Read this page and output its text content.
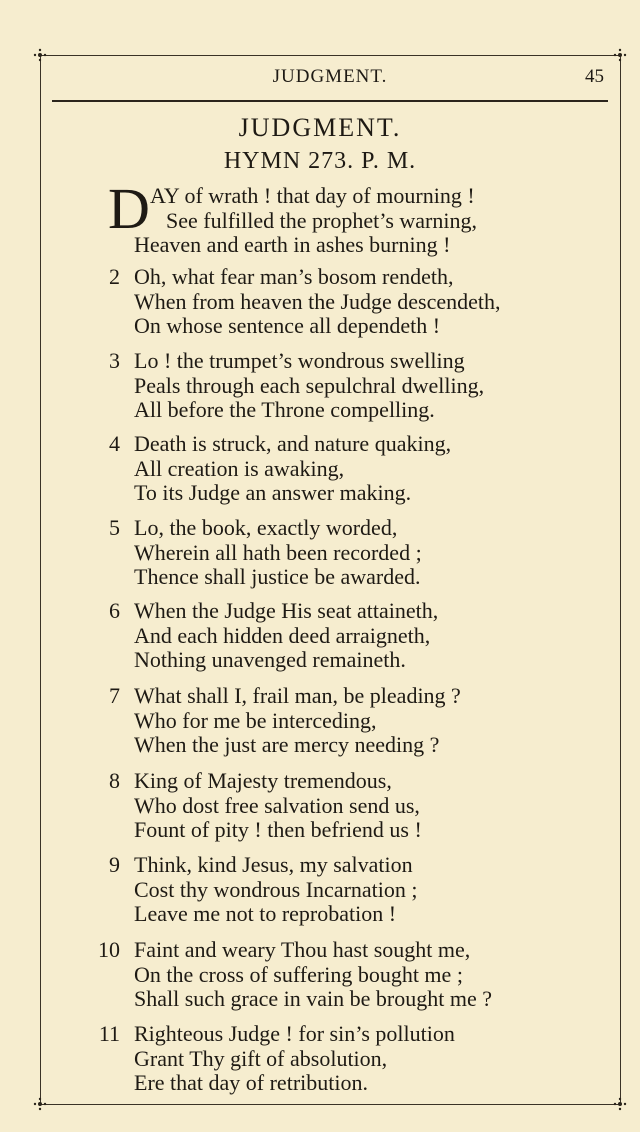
JUDGMENT.	45
JUDGMENT.
HYMN 273. P. M.
D AY of wrath ! that day of mourning !
See fulfilled the prophet’s warning,
Heaven and earth in ashes burning !
2 Oh, what fear man’s bosom rendeth,
When from heaven the Judge descendeth,
On whose sentence all dependeth !
3 Lo ! the trumpet’s wondrous swelling
Peals through each sepulchral dwelling,
All before the Throne compelling.
4 Death is struck, and nature quaking,
All creation is awaking,
To its Judge an answer making.
5 Lo, the book, exactly worded,
Wherein all hath been recorded ;
Thence shall justice be awarded.
6 When the Judge His seat attaineth,
And each hidden deed arraigneth,
Nothing unavenged remaineth.
7 What shall I, frail man, be pleading ?
Who for me be interceding,
When the just are mercy needing ?
8 King of Majesty tremendous,
Who dost free salvation send us,
Fount of pity ! then befriend us !
9 Think, kind Jesus, my salvation
Cost thy wondrous Incarnation ;
Leave me not to reprobation !
10 Faint and weary Thou hast sought me,
On the cross of suffering bought me ;
Shall such grace in vain be brought me ?
11 Righteous Judge ! for sin’s pollution
Grant Thy gift of absolution,
Ere that day of retribution.
